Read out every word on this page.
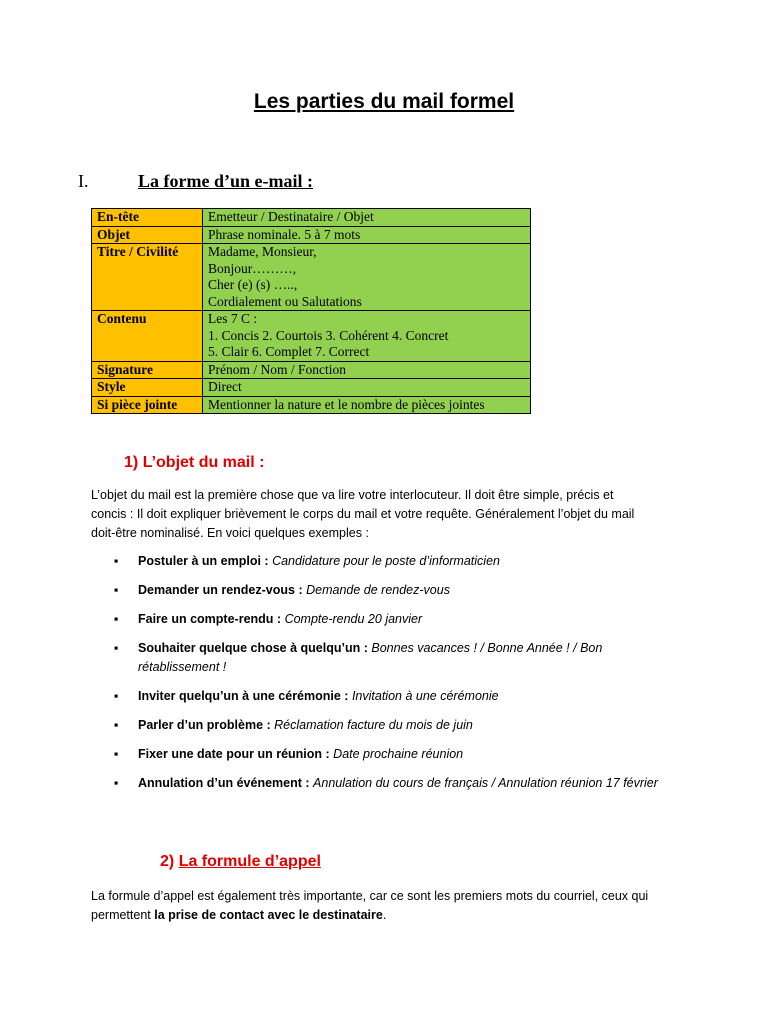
Les parties du mail formel
I.	La forme d’un e-mail :
En-tête	Emetteur / Destinataire / Objet

Objet	Phrase nominale. 5 à 7 mots

Titre / Civilité	Madame, Monsieur,
Bonjour………,
Cher (e) (s) …..,
Cordialement ou Salutations

Contenu	Les 7 C :
1. Concis 2. Courtois 3. Cohérent 4. Concret
5. Clair 6. Complet 7. Correct

Signature	Prénom / Nom / Fonction

Style	Direct

Si pièce jointe	Mentionner la nature et le nombre de pièces jointes
1) L’objet du mail :
L’objet du mail est la première chose que va lire votre interlocuteur. Il doit être simple, précis et concis : Il doit expliquer brièvement le corps du mail et votre requête. Généralement l’objet du mail doit-être nominalisé. En voici quelques exemples :
▪ Postuler à un emploi : Candidature pour le poste d’informaticien
▪ Demander un rendez-vous : Demande de rendez-vous
▪ Faire un compte-rendu : Compte-rendu 20 janvier
▪ Souhaiter quelque chose à quelqu’un : Bonnes vacances ! / Bonne Année ! / Bon rétablissement !
▪ Inviter quelqu’un à une cérémonie : Invitation à une cérémonie
▪ Parler d’un problème : Réclamation facture du mois de juin
▪ Fixer une date pour un réunion : Date prochaine réunion
▪ Annulation d’un événement : Annulation du cours de français / Annulation réunion 17 février
2) La formule d’appel
La formule d’appel est également très importante, car ce sont les premiers mots du courriel, ceux qui permettent la prise de contact avec le destinataire.
